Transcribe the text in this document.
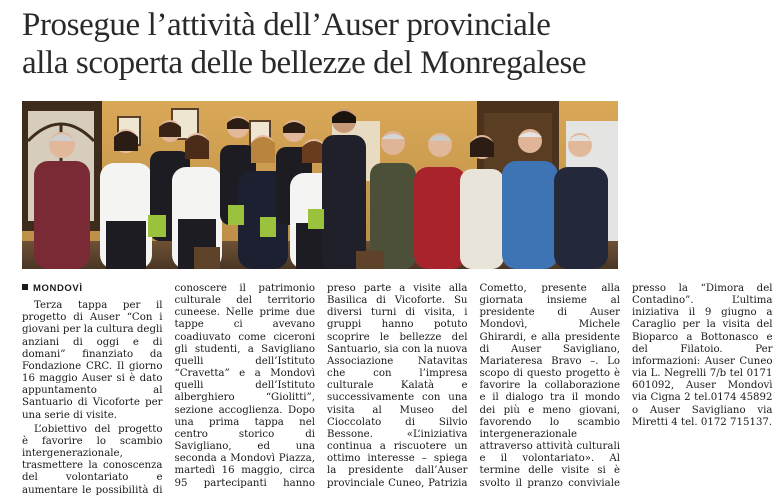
Prosegue l’attività dell’Auser provinciale
alla scoperta delle bellezze del Monregalese
MONDOVÌ

Terza tappa per il progetto di Auser “Con i giovani per la cultura degli anziani di oggi e di domani” finanziato da Fondazione CRC. Il giorno 16 maggio Auser si è dato appuntamento al Santuario di Vicoforte per una serie di visite.

L’obiettivo del progetto è favorire lo scambio intergenerazionale, trasmettere la conoscenza del volontariato e aumentare le possibilità di conoscere il patrimonio culturale del territorio cuneese. Nelle prime due tappe ci avevano coadiuvato come ciceroni gli studenti, a Savigliano quelli dell’Istituto “Cravetta” e a Mondovì quelli dell’Istituto alberghiero “Giolitti”, sezione accoglienza. Dopo una prima tappa nel centro storico di Savigliano, ed una seconda a Mondovì Piazza, martedì 16 maggio, circa 95 partecipanti hanno preso parte a visite alla Basilica di Vicoforte. Su diversi turni di visita, i gruppi hanno potuto scoprire le bellezze del Santuario, sia con la nuova Associazione Natavitas che con l’impresa culturale Kalatà e successivamente con una visita al Museo del Cioccolato di Silvio Bessone. «L’iniziativa continua a riscuotere un ottimo interesse – spiega la presidente dall’Auser provinciale Cuneo, Patrizia Cometto, presente alla giornata insieme al presidente di Auser Mondovì, Michele Ghirardi, e alla presidente di Auser Savigliano, Mariateresa Bravo –. Lo scopo di questo progetto è favorire la collaborazione e il dialogo tra il mondo dei più e meno giovani, favorendo lo scambio intergenerazionale attraverso attività culturali e il volontariato». Al termine delle visite si è svolto il pranzo conviviale presso la “Dimora del Contadino”. L’ultima iniziativa il 9 giugno a Caraglio per la visita del Bioparco a Bottonasco e del Filatoio. Per informazioni: Auser Cuneo via L. Negrelli 7/b tel 0171 601092, Auser Mondovì via Cigna 2 tel.0174 45892 o Auser Savigliano via Miretti 4 tel. 0172 715137.
